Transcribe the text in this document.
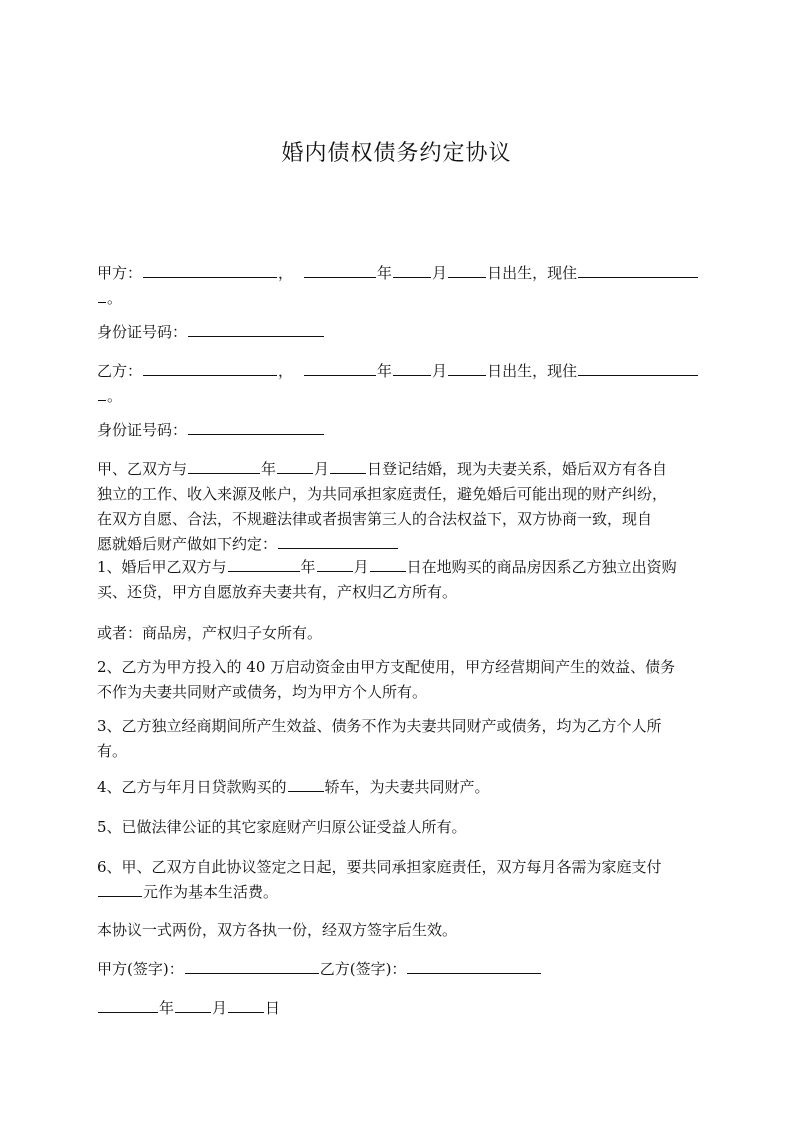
婚内债权债务约定协议
甲方：	，	年	月	日出生，现住
。
身份证号码：
乙方：	，	年	月	日出生，现住
。
身份证号码：
甲、乙双方与	年	月	日登记结婚，现为夫妻关系，婚后双方有各自
独立的工作、收入来源及帐户，为共同承担家庭责任，避免婚后可能出现的财产纠纷，
在双方自愿、合法，不规避法律或者损害第三人的合法权益下，双方协商一致，现自
愿就婚后财产做如下约定：
1、婚后甲乙双方与	年	月	日在地购买的商品房因系乙方独立出资购
买、还贷，甲方自愿放弃夫妻共有，产权归乙方所有。
或者：商品房，产权归子女所有。
2、乙方为甲方投入的 40 万启动资金由甲方支配使用，甲方经营期间产生的效益、债务
不作为夫妻共同财产或债务，均为甲方个人所有。
3、乙方独立经商期间所产生效益、债务不作为夫妻共同财产或债务，均为乙方个人所
有。
4、乙方与年月日贷款购买的	轿车，为夫妻共同财产。
5、已做法律公证的其它家庭财产归原公证受益人所有。
6、甲、乙双方自此协议签定之日起，要共同承担家庭责任，双方每月各需为家庭支付
元作为基本生活费。
本协议一式两份，双方各执一份，经双方签字后生效。
甲方(签字)：	乙方(签字)：
年	月	日
